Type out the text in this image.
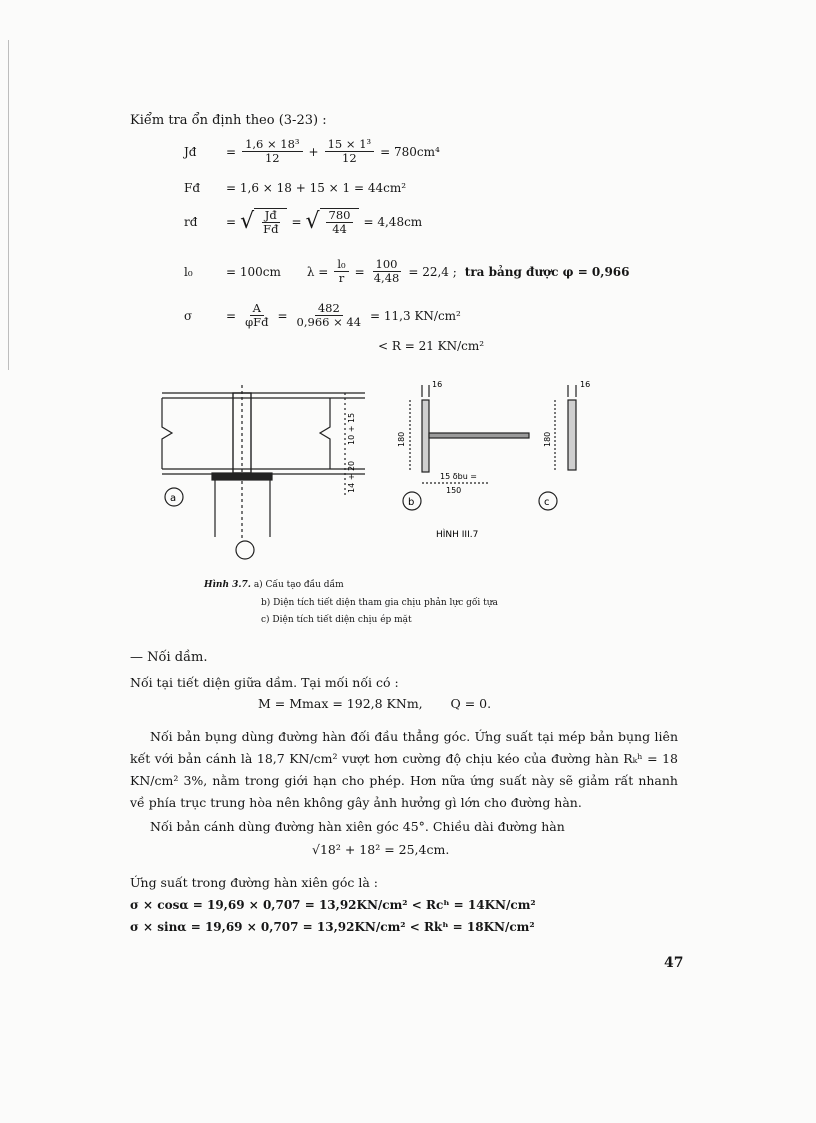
Kiểm tra ổn định theo (3-23) :
Jđ	= $\frac{\text{1,6 × 18³}}{12} + \frac{\text{15 × 1³}}{12} = 780cm^4$
Fđ	= 1,6 × 18 + 15 × 1 = 44cm²
rđ	= √ $\frac{Jđ}{Fđ}$ = √ $\frac{780}{44} = 4,48cm$
l₀	= 100cm $\lambda = \frac{\text{l₀}}{r} = \frac{100}{4,48} = 22,4$ ; tra bảng được φ = 0,966
σ	= $\frac{A}{\text{φFđ}} = \frac{482}{0,966 \times 44} = 11,3$ KN/cm²
< R = 21 KN/cm²
a
10 + 15
14 + 20
16
180
15 δbu =
150
b
16
180
c
HÌNH III.7
Hình 3.7. a) Cấu tạo đầu dầm
b) Diện tích tiết diện tham gia chịu phản lực gối tựa
c) Diện tích tiết diện chịu ép mặt
— Nối dầm.
Nối tại tiết diện giữa dầm. Tại mối nối có :
M = Mmax = 192,8 KNm,       Q = 0.
Nối bản bụng dùng đường hàn đối đầu thẳng góc. Ứng suất tại mép bản bụng liên kết với bản cánh là 18,7 KN/cm² vượt hơn cường độ chịu kéo của đường hàn Rₖʰ = 18 KN/cm² 3%, nằm trong giới hạn cho phép. Hơn nữa ứng suất này sẽ giảm rất nhanh về phía trục trung hòa nên không gây ảnh hưởng gì lớn cho đường hàn.
Nối bản cánh dùng đường hàn xiên góc 45°. Chiều dài đường hàn
√18² + 18² = 25,4cm.
Ứng suất trong đường hàn xiên góc là :
σ × cosα = 19,69 × 0,707 = 13,92KN/cm² < Rcʰ = 14KN/cm²
σ × sinα = 19,69 × 0,707 = 13,92KN/cm² < Rkʰ = 18KN/cm²
47
